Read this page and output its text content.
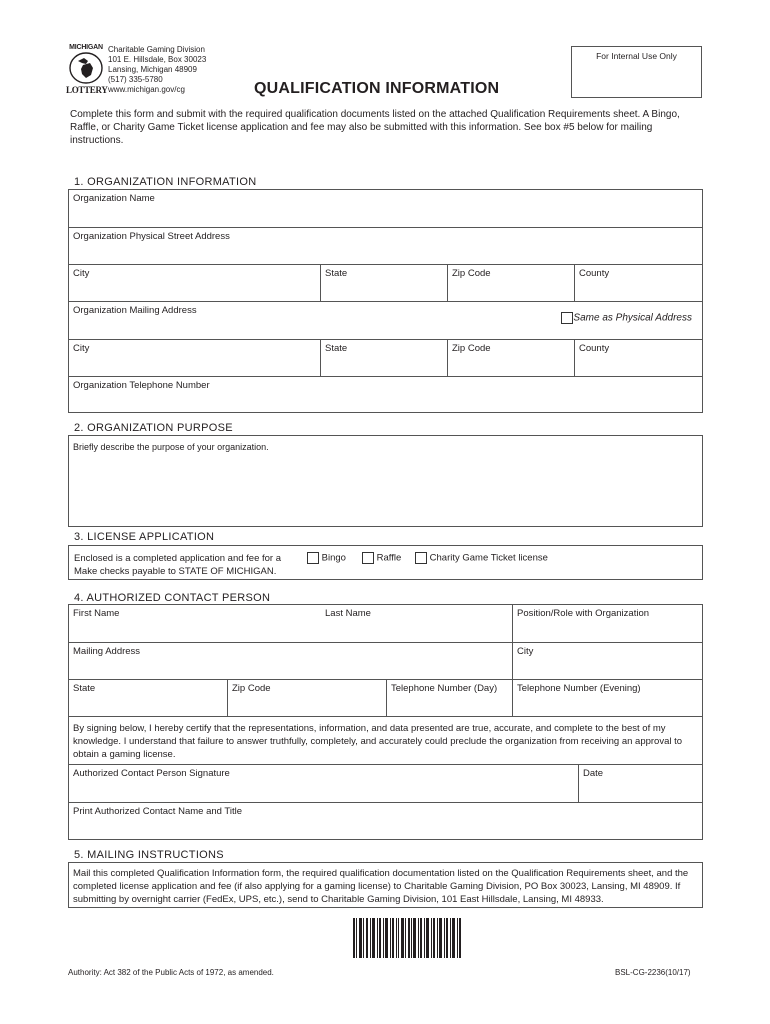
MICHIGAN
LOTTERY
Charitable Gaming Division
101 E. Hillsdale, Box 30023
Lansing, Michigan 48909
(517) 335-5780
www.michigan.gov/cg
For Internal Use Only
QUALIFICATION INFORMATION
Complete this form and submit with the required qualification documents listed on the attached Qualification Requirements sheet. A Bingo, Raffle, or Charity Game Ticket license application and fee may also be submitted with this information. See box #5 below for mailing instructions.
1. ORGANIZATION INFORMATION
Organization Name
Organization Physical Street Address
City	State	Zip Code	County
Organization Mailing Address
Same as Physical Address
City	State	Zip Code	County
Organization Telephone Number
2. ORGANIZATION PURPOSE
Briefly describe the purpose of your organization.
3. LICENSE APPLICATION
Enclosed is a completed application and fee for a
Make checks payable to STATE OF MICHIGAN.
Bingo	Raffle	Charity Game Ticket license
4. AUTHORIZED CONTACT PERSON
First Name	Last Name	Position/Role with Organization
Mailing Address	City
State	Zip Code	Telephone Number (Day) Telephone Number (Evening)
By signing below, I hereby certify that the representations, information, and data presented are true, accurate, and complete to the best of my knowledge. I understand that failure to answer truthfully, completely, and accurately could preclude the organization from receiving an approval to obtain a gaming license.
Authorized Contact Person Signature	Date
Print Authorized Contact Name and Title
5. MAILING INSTRUCTIONS
Mail this completed Qualification Information form, the required qualification documentation listed on the Qualification Requirements sheet, and the completed license application and fee (if also applying for a gaming license) to Charitable Gaming Division, PO Box 30023, Lansing, MI 48909. If submitting by overnight carrier (FedEx, UPS, etc.), send to Charitable Gaming Division, 101 East Hillsdale, Lansing, MI 48933.
Authority: Act 382 of the Public Acts of 1972, as amended.	BSL-CG-2236(10/17)
